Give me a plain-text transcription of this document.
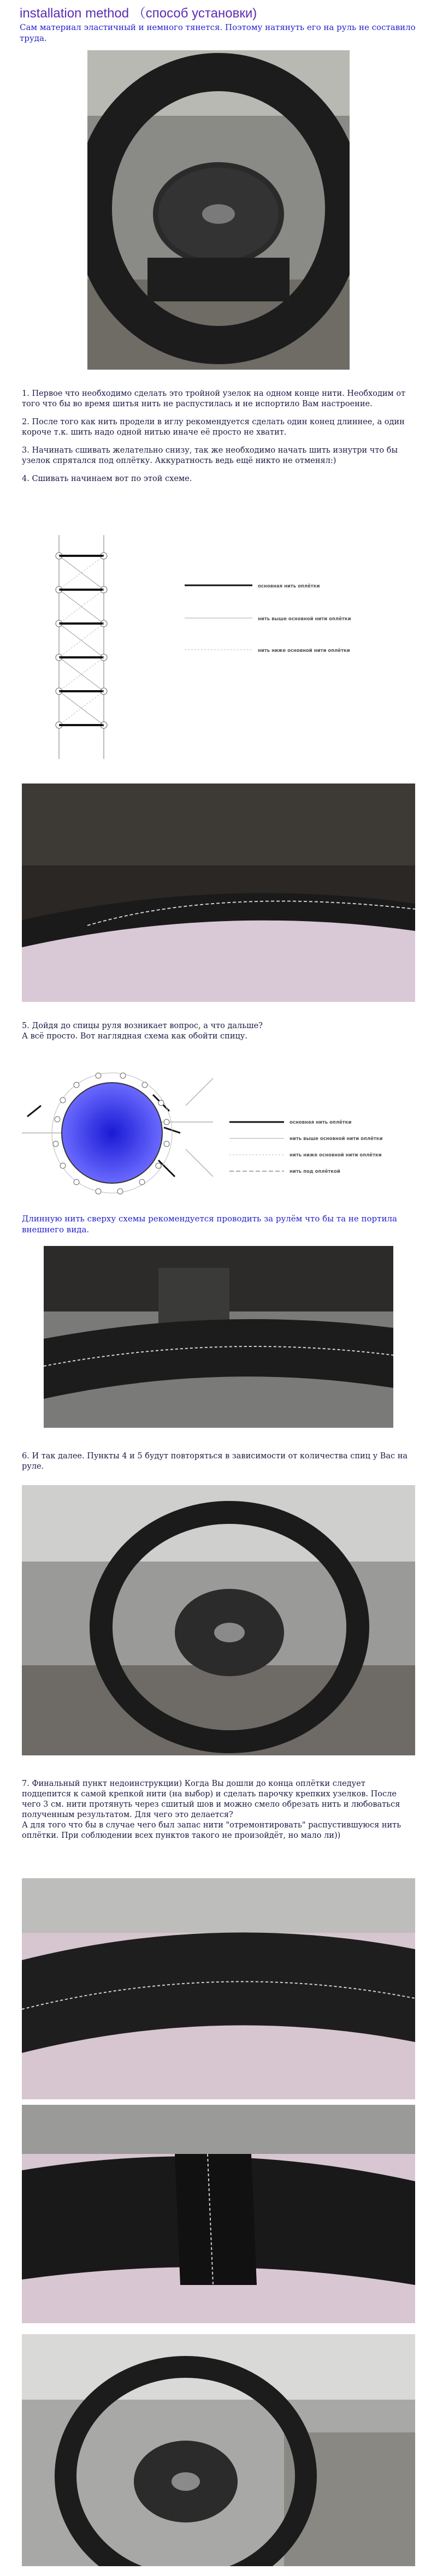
installation method （способ установки)
Сам материал эластичный и немного тянется. Поэтому натянуть его на руль не составило труда.

1. Первое что необходимо сделать это тройной узелок на одном конце нити. Необходим от того что бы во время шитья нить не распустилась и не испортило Вам настроение.

2. После того как нить продели в иглу рекомендуется сделать один конец длиннее, а один короче т.к. шить надо одной нитью иначе её просто не хватит.

3. Начинать сшивать желательно снизу, так же необходимо начать шить изнутри что бы узелок спрятался под оплётку. Аккуратность ведь ещё никто не отменял:)

4. Сшивать начинаем вот по этой схеме.

основная нить оплётки
нить выше основной нити оплётки
нить ниже основной нити оплётки

5. Дойдя до спицы руля возникает вопрос, а что дальше?

А всё просто. Вот наглядная схема как обойти спицу.

основная нить оплётки
нить выше основной нити оплётки
нить ниже основной нити оплётки
нить под оплёткой
Длинную нить сверху схемы рекомендуется проводить за рулём что бы та не портила внешнего вида.

6. И так далее. Пункты 4 и 5 будут повторяться в зависимости от количества спиц у Вас на руле.

7. Финальный пункт недоинструкции) Когда Вы дошли до конца оплётки следует подцепится к самой крепкой нити (на выбор) и сделать парочку крепких узелков. После чего 3 см. нити протянуть через сшитый шов и можно смело обрезать нить и любоваться полученным результатом. Для чего это делается?

А для того что бы в случае чего был запас нити "отремонтировать" распустившуюся нить оплётки. При соблюдении всех пунктов такого не произойдёт, но мало ли))
